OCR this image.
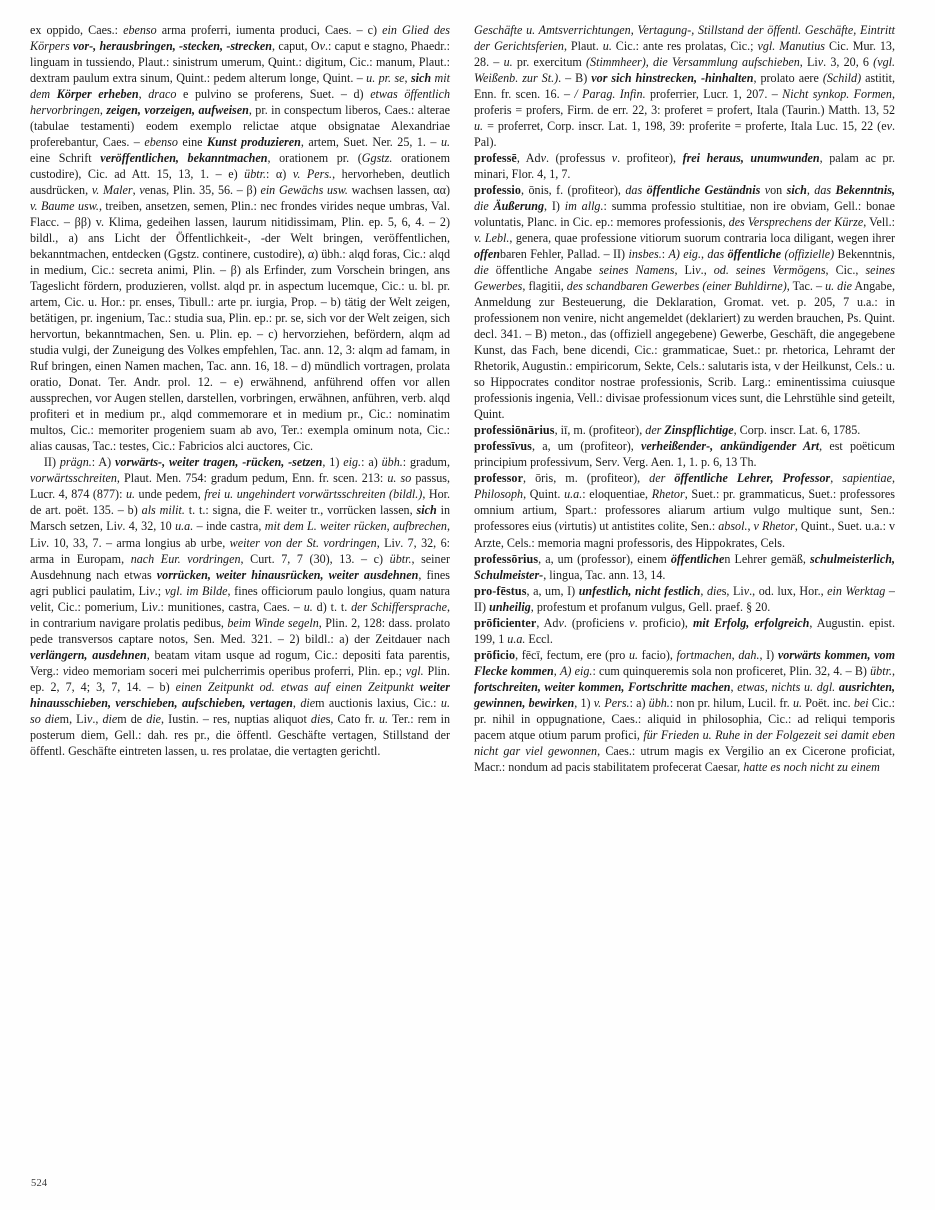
ex oppido, Caes.: ebenso arma proferri, iumenta produci, Caes. – c) ein Glied des Körpers vor-, herausbringen, -stecken, -strecken, caput, Ov.: caput e stagno, Phaedr.: linguam in tussiendo, Plaut.: sinistrum umerum, Quint.: digitum, Cic.: manum, Plaut.: dextram paulum extra sinum, Quint.: pedem alterum longe, Quint. – u. pr. se, sich mit dem Körper erheben, draco e pulvino se proferens, Suet. – d) etwas öffentlich hervorbringen, zeigen, vorzeigen, aufweisen, pr. in conspectum liberos, Caes.: alterae (tabulae testamenti) eodem exemplo relictae atque obsignatae Alexandriae proferebantur, Caes. – ebenso eine Kunst produzieren, artem, Suet. Ner. 25, 1. – u. eine Schrift veröffentlichen, bekanntmachen, orationem pr. (Ggstz. orationem custodire), Cic. ad Att. 15, 13, 1. – e) übtr.: α) v. Pers., hervorheben, deutlich ausdrücken, v. Maler, venas, Plin. 35, 56. – β) ein Gewächs usw. wachsen lassen, αα) v. Baume usw., treiben, ansetzen, semen, Plin.: nec frondes virides neque umbras, Val. Flacc. – ββ) v. Klima, gedeihen lassen, laurum nitidissimam, Plin. ep. 5, 6, 4. – 2) bildl., a) ans Licht der Öffentlichkeit-, -der Welt bringen, veröffentlichen, bekanntmachen, entdecken (Ggstz. continere, custodire), α) übh.: alqd foras, Cic.: alqd in medium, Cic.: secreta animi, Plin. – β) als Erfinder, zum Vorschein bringen, ans Tageslicht fördern, produzieren, vollst. alqd pr. in aspectum lucemque, Cic.: u. bl. pr. artem, Cic. u. Hor.: pr. enses, Tibull.: arte pr. iurgia, Prop. – b) tätig der Welt zeigen, betätigen, pr. ingenium, Tac.: studia sua, Plin. ep.: pr. se, sich vor der Welt zeigen, sich hervortun, bekanntmachen, Sen. u. Plin. ep. – c) hervorziehen, befördern, alqm ad studia vulgi, der Zuneigung des Volkes empfehlen, Tac. ann. 12, 3: alqm ad famam, in Ruf bringen, einen Namen machen, Tac. ann. 16, 18. – d) mündlich vortragen, prolata oratio, Donat. Ter. Andr. prol. 12. – e) erwähnend, anführend offen vor allen aussprechen, vor Augen stellen, darstellen, vorbringen, erwähnen, anführen, verb. alqd profiteri et in medium pr., alqd commemorare et in medium pr., Cic.: nominatim multos, Cic.: memoriter progeniem suam ab avo, Ter.: exempla ominum nota, Cic.: alias causas, Tac.: testes, Cic.: Fabricios alci auctores, Cic.

II) prägn.: A) vorwärts-, weiter tragen, -rücken, -setzen, 1) eig.: a) übh.: gradum, vorwärtsschreiten, Plaut. Men. 754: gradum pedum, Enn. fr. scen. 213: u. so passus, Lucr. 4, 874 (877): u. unde pedem, frei u. ungehindert vorwärtsschreiten (bildl.), Hor. de art. poët. 135. – b) als milit. t. t.: signa, die F. weiter tr., vorrücken lassen, sich in Marsch setzen, Liv. 4, 32, 10 u.a. – inde castra, mit dem L. weiter rücken, aufbrechen, Liv. 10, 33, 7. – arma longius ab urbe, weiter von der St. vordringen, Liv. 7, 32, 6: arma in Europam, nach Eur. vordringen, Curt. 7, 7 (30), 13. – c) übtr., seiner Ausdehnung nach etwas vorrücken, weiter hinausrücken, weiter ausdehnen, fines agri publici paulatim, Liv.; vgl. im Bilde, fines officiorum paulo longius, quam natura velit, Cic.: pomerium, Liv.: munitiones, castra, Caes. – u. d) t. t. der Schiffersprache, in contrarium navigare prolatis pedibus, beim Winde segeln, Plin. 2, 128: dass. prolato pede transversos captare notos, Sen. Med. 321. – 2) bildl.: a) der Zeitdauer nach verlängern, ausdehnen, beatam vitam usque ad rogum, Cic.: depositi fata parentis, Verg.: video memoriam soceri mei pulcherrimis operibus proferri, Plin. ep.; vgl. Plin. ep. 2, 7, 4; 3, 7, 14. – b) einen Zeitpunkt od. etwas auf einen Zeitpunkt weiter hinausschieben, verschieben, aufschieben, vertagen, diem auctionis laxius, Cic.: u. so diem, Liv., diem de die, Iustin. – res, nuptias aliquot dies, Cato fr. u. Ter.: rem in posterum diem, Gell.: dah. res pr., die öffentl. Geschäfte vertagen, Stillstand der öffentl. Geschäfte eintreten lassen, u. res prolatae, die vertagten gerichtl.

Geschäfte u. Amtsverrichtungen, Vertagung-, Stillstand der öffentl. Geschäfte, Eintritt der Gerichtsferien, Plaut. u. Cic.: ante res prolatas, Cic.; vgl. Manutius Cic. Mur. 13, 28. – u. pr. exercitum (Stimmheer), die Versammlung aufschieben, Liv. 3, 20, 6 (vgl. Weißenb. zur St.). – B) vor sich hinstrecken, -hinhalten, prolato aere (Schild) astitit, Enn. fr. scen. 16. – / Parag. Infin. proferrier, Lucr. 1, 207. – Nicht synkop. Formen, proferis = profers, Firm. de err. 22, 3: proferet = profert, Itala (Taurin.) Matth. 13, 52 u. = proferret, Corp. inscr. Lat. 1, 198, 39: proferite = proferte, Itala Luc. 15, 22 (ev. Pal).

professē, Adv. (professus v. profiteor), frei heraus, unumwunden, palam ac pr. minari, Flor. 4, 1, 7.

professio, ōnis, f. (profiteor), das öffentliche Geständnis von sich, das Bekenntnis, die Äußerung, I) im allg.: summa professio stultitiae, non ire obviam, Gell.: bonae voluntatis, Planc. in Cic. ep.: memores professionis, des Versprechens der Kürze, Vell.: v. Lebl., genera, quae professione vitiorum suorum contraria loca diligant, wegen ihrer offenbaren Fehler, Pallad. – II) insbes.: A) eig., das öffentliche (offizielle) Bekenntnis, die öffentliche Angabe seines Namens, Liv., od. seines Vermögens, Cic., seines Gewerbes, flagitii, des schandbaren Gewerbes (einer Buhldirne), Tac. – u. die Angabe, Anmeldung zur Besteuerung, die Deklaration, Gromat. vet. p. 205, 7 u.a.: in professionem non venire, nicht angemeldet (deklariert) zu werden brauchen, Ps. Quint. decl. 341. – B) meton., das (offiziell angegebene) Gewerbe, Geschäft, die angegebene Kunst, das Fach, bene dicendi, Cic.: grammaticae, Suet.: pr. rhetorica, Lehramt der Rhetorik, Augustin.: empiricorum, Sekte, Cels.: salutaris ista, v der Heilkunst, Cels.: u. so Hippocrates conditor nostrae professionis, Scrib. Larg.: eminentissima cuiusque professionis ingenia, Vell.: divisae professionum vices sunt, die Lehrstühle sind geteilt, Quint.

professiōnārius, iī, m. (profiteor), der Zinspflichtige, Corp. inscr. Lat. 6, 1785.

professīvus, a, um (profiteor), verheißender-, ankündigender Art, est poëticum principium professivum, Serv. Verg. Aen. 1, 1. p. 6, 13 Th.

professor, ōris, m. (profiteor), der öffentliche Lehrer, Professor, sapientiae, Philosoph, Quint. u.a.: eloquentiae, Rhetor, Suet.: pr. grammaticus, Suet.: professores omnium artium, Spart.: professores aliarum artium vulgo multique sunt, Sen.: professores eius (virtutis) ut antistites colite, Sen.: absol., v Rhetor, Quint., Suet. u.a.: v Arzte, Cels.: memoria magni professoris, des Hippokrates, Cels.

professōrius, a, um (professor), einem öffentlichen Lehrer gemäß, schulmeisterlich, Schulmeister-, lingua, Tac. ann. 13, 14.

pro-fēstus, a, um, I) unfestlich, nicht festlich, dies, Liv., od. lux, Hor., ein Werktag – II) unheilig, profestum et profanum vulgus, Gell. praef. § 20.

prōficienter, Adv. (proficiens v. proficio), mit Erfolg, erfolgreich, Augustin. epist. 199, 1 u.a. Eccl.

prōficio, fēcī, fectum, ere (pro u. facio), fortmachen, dah., I) vorwärts kommen, vom Flecke kommen, A) eig.: cum quinqueremis sola non proficeret, Plin. 32, 4. – B) übtr., fortschreiten, weiter kommen, Fortschritte machen, etwas, nichts u. dgl. ausrichten, gewinnen, bewirken, 1) v. Pers.: a) übh.: non pr. hilum, Lucil. fr. u. Poët. inc. bei Cic.: pr. nihil in oppugnatione, Caes.: aliquid in philosophia, Cic.: ad reliqui temporis pacem atque otium parum profici, für Frieden u. Ruhe in der Folgezeit sei damit eben nicht gar viel gewonnen, Caes.: utrum magis ex Vergilio an ex Cicerone proficiat, Macr.: nondum ad pacis stabilitatem profecerat Caesar, hatte es noch nicht zu einem

524
